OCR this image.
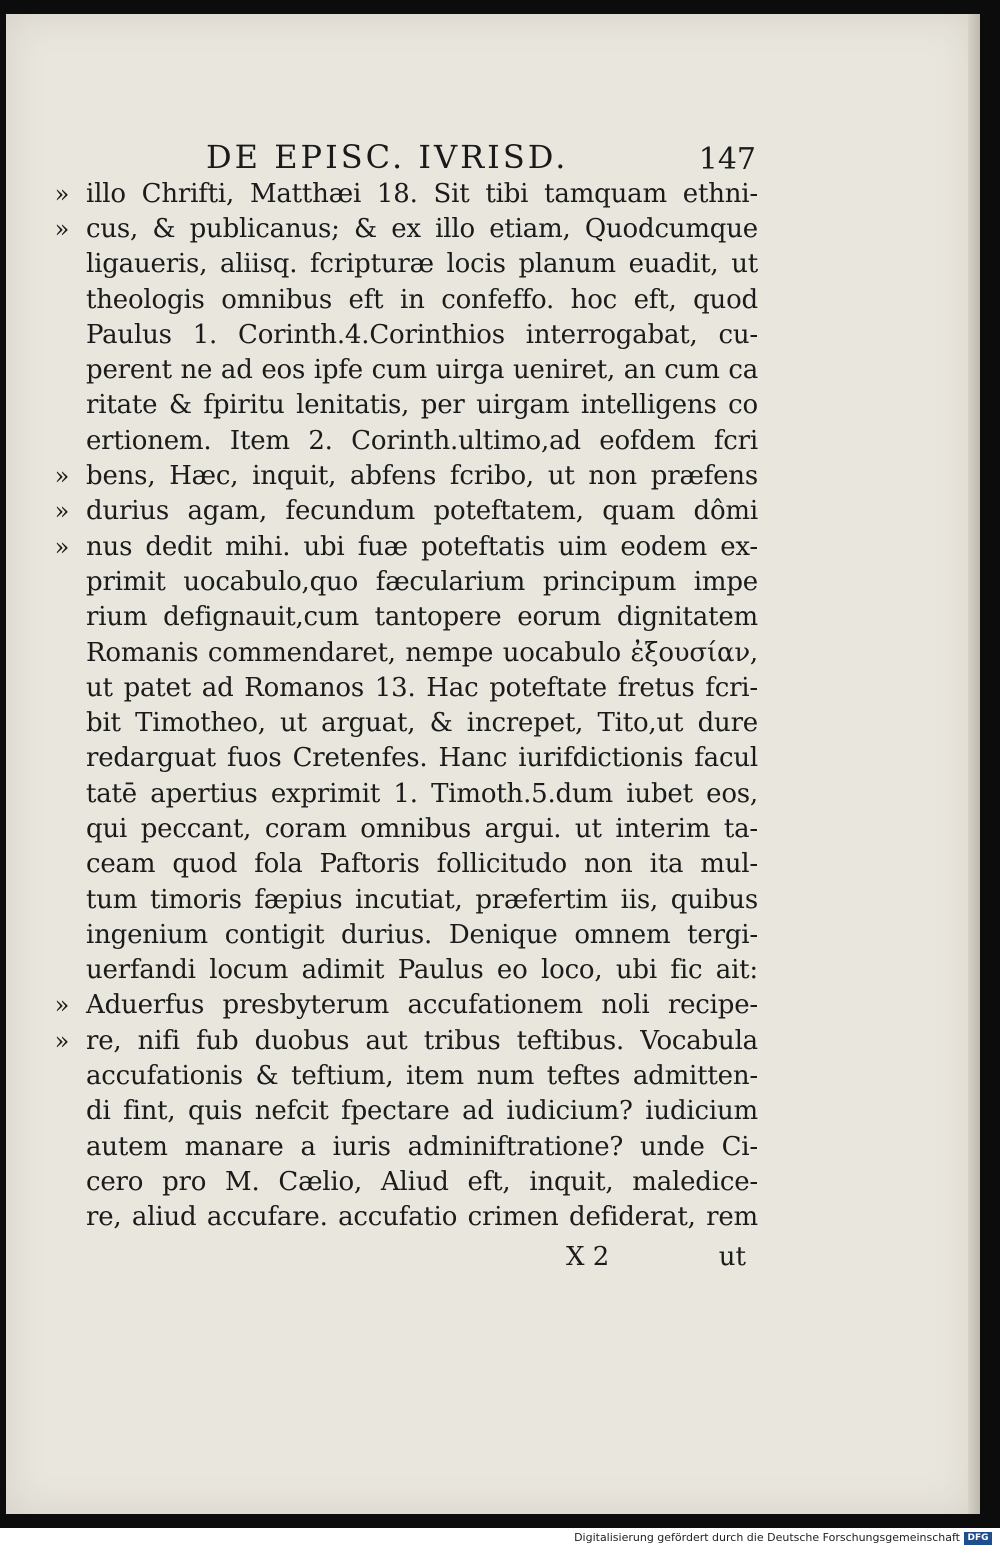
DE EPISC. IVRISD.	147
» illo Chrifti, Matthæi 18. Sit tibi tamquam ethni-
» cus, & publicanus; & ex illo etiam, Quodcumque
ligaueris, aliisq. fcripturæ locis planum euadit, ut
theologis omnibus eft in confeffo. hoc eft, quod
Paulus 1. Corinth.4.Corinthios interrogabat, cu-
perent ne ad eos ipfe cum uirga ueniret, an cum ca
ritate & fpiritu lenitatis, per uirgam intelligens co
ertionem. Item 2. Corinth.ultimo,ad eofdem fcri
» bens, Hæc, inquit, abfens fcribo, ut non præfens
» durius agam, fecundum poteftatem, quam dômi
» nus dedit mihi. ubi fuæ poteftatis uim eodem ex-
primit uocabulo,quo fæcularium principum impe
rium defignauit,cum tantopere eorum dignitatem
Romanis commendaret, nempe uocabulo ἐξουσίαν,
ut patet ad Romanos 13. Hac poteftate fretus fcri-
bit Timotheo, ut arguat, & increpet, Tito,ut dure
redarguat fuos Cretenfes. Hanc iurifdictionis facul
tatē apertius exprimit 1. Timoth.5.dum iubet eos,
qui peccant, coram omnibus argui. ut interim ta-
ceam quod fola Paftoris follicitudo non ita mul-
tum timoris fæpius incutiat, præfertim iis, quibus
ingenium contigit durius. Denique omnem tergi-
uerfandi locum adimit Paulus eo loco, ubi fic ait:
» Aduerfus presbyterum accufationem noli recipe-
» re, nifi fub duobus aut tribus teftibus. Vocabula
accufationis & teftium, item num teftes admitten-
di fint, quis nefcit fpectare ad iudicium? iudicium
autem manare a iuris adminiftratione? unde Ci-
cero pro M. Cælio, Aliud eft, inquit, maledice-
re, aliud accufare. accufatio crimen defiderat, rem
X 2	ut
Digitalisierung gefördert durch die Deutsche Forschungsgemeinschaft DFG
